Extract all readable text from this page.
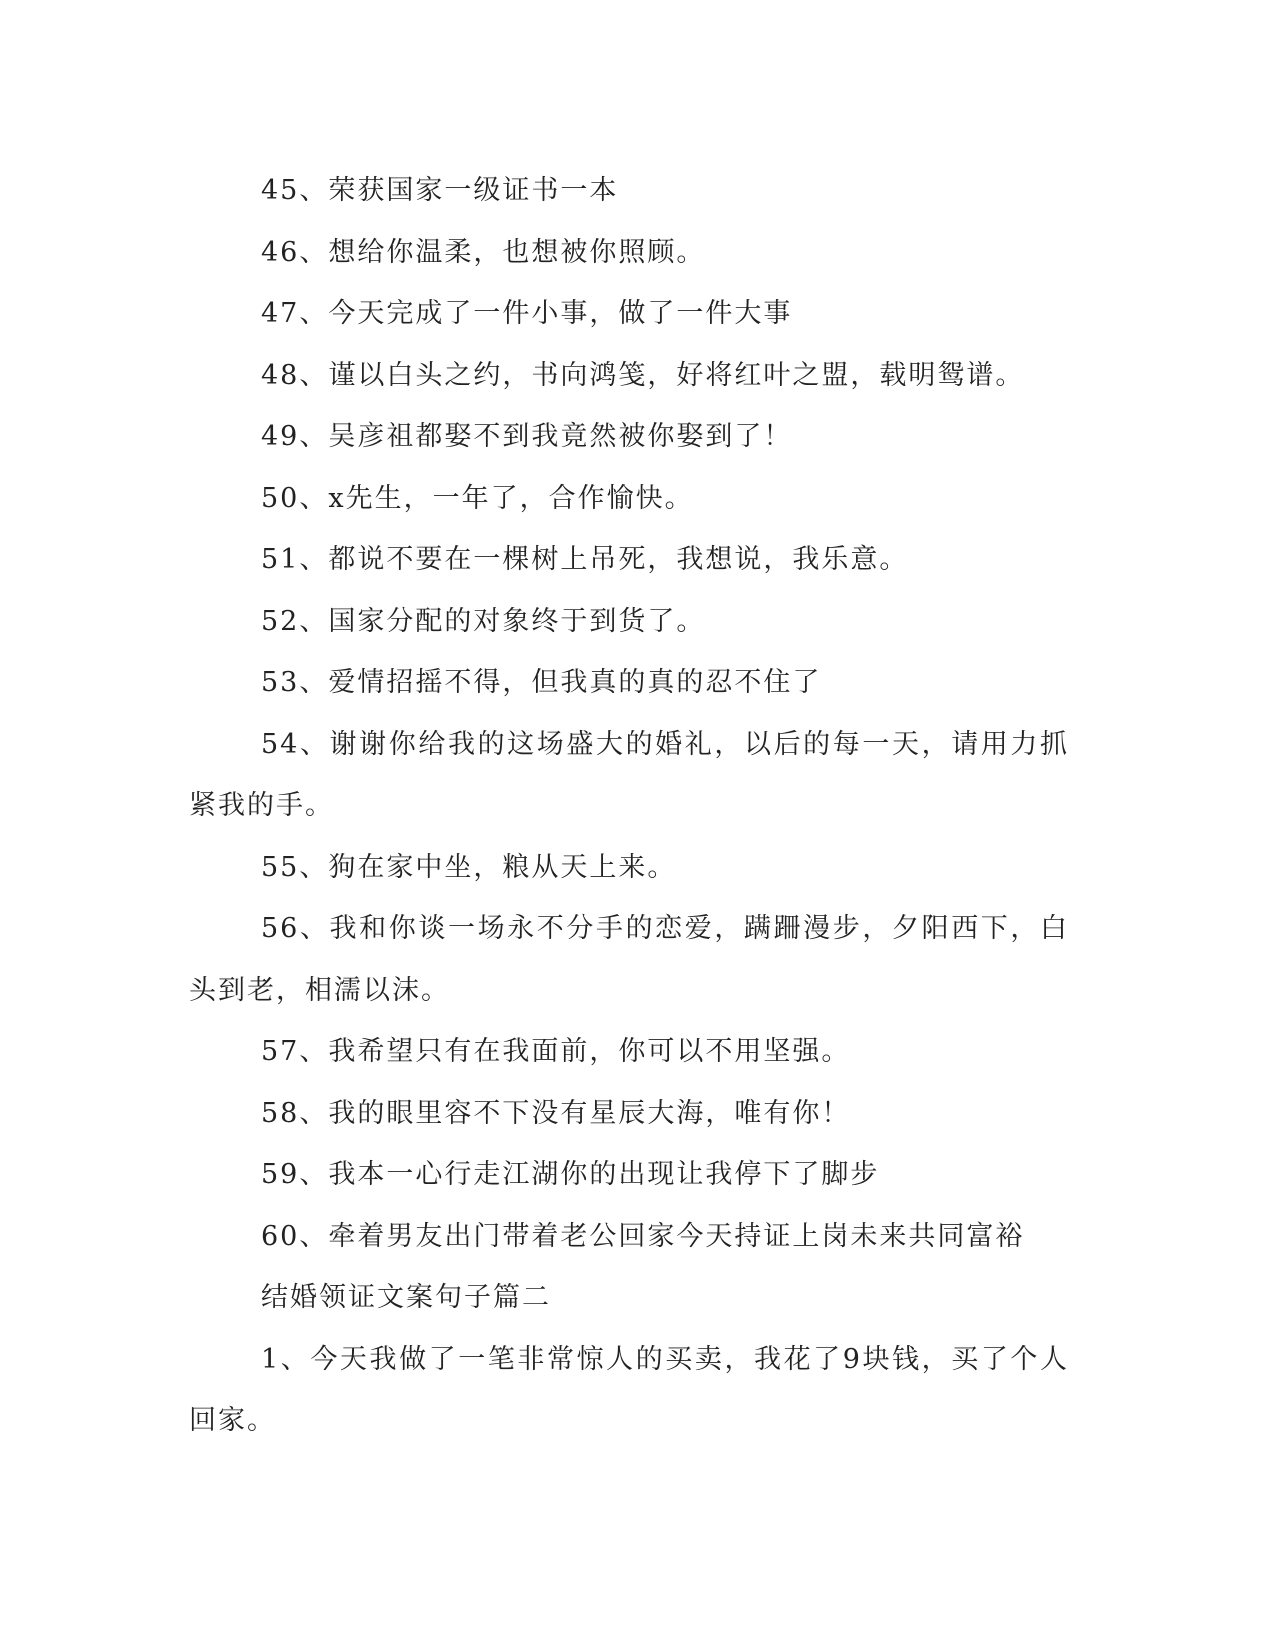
45、荣获国家一级证书一本

46、想给你温柔，也想被你照顾。

47、今天完成了一件小事，做了一件大事

48、谨以白头之约，书向鸿笺，好将红叶之盟，载明鸳谱。

49、吴彦祖都娶不到我竟然被你娶到了！

50、x先生，一年了，合作愉快。

51、都说不要在一棵树上吊死，我想说，我乐意。

52、国家分配的对象终于到货了。

53、爱情招摇不得，但我真的真的忍不住了

54、谢谢你给我的这场盛大的婚礼，以后的每一天，请用力抓紧我的手。

55、狗在家中坐，粮从天上来。

56、我和你谈一场永不分手的恋爱，蹒跚漫步，夕阳西下，白头到老，相濡以沫。

57、我希望只有在我面前，你可以不用坚强。

58、我的眼里容不下没有星辰大海，唯有你！

59、我本一心行走江湖你的出现让我停下了脚步

60、牵着男友出门带着老公回家今天持证上岗未来共同富裕

结婚领证文案句子篇二

1、今天我做了一笔非常惊人的买卖，我花了9块钱，买了个人回家。
